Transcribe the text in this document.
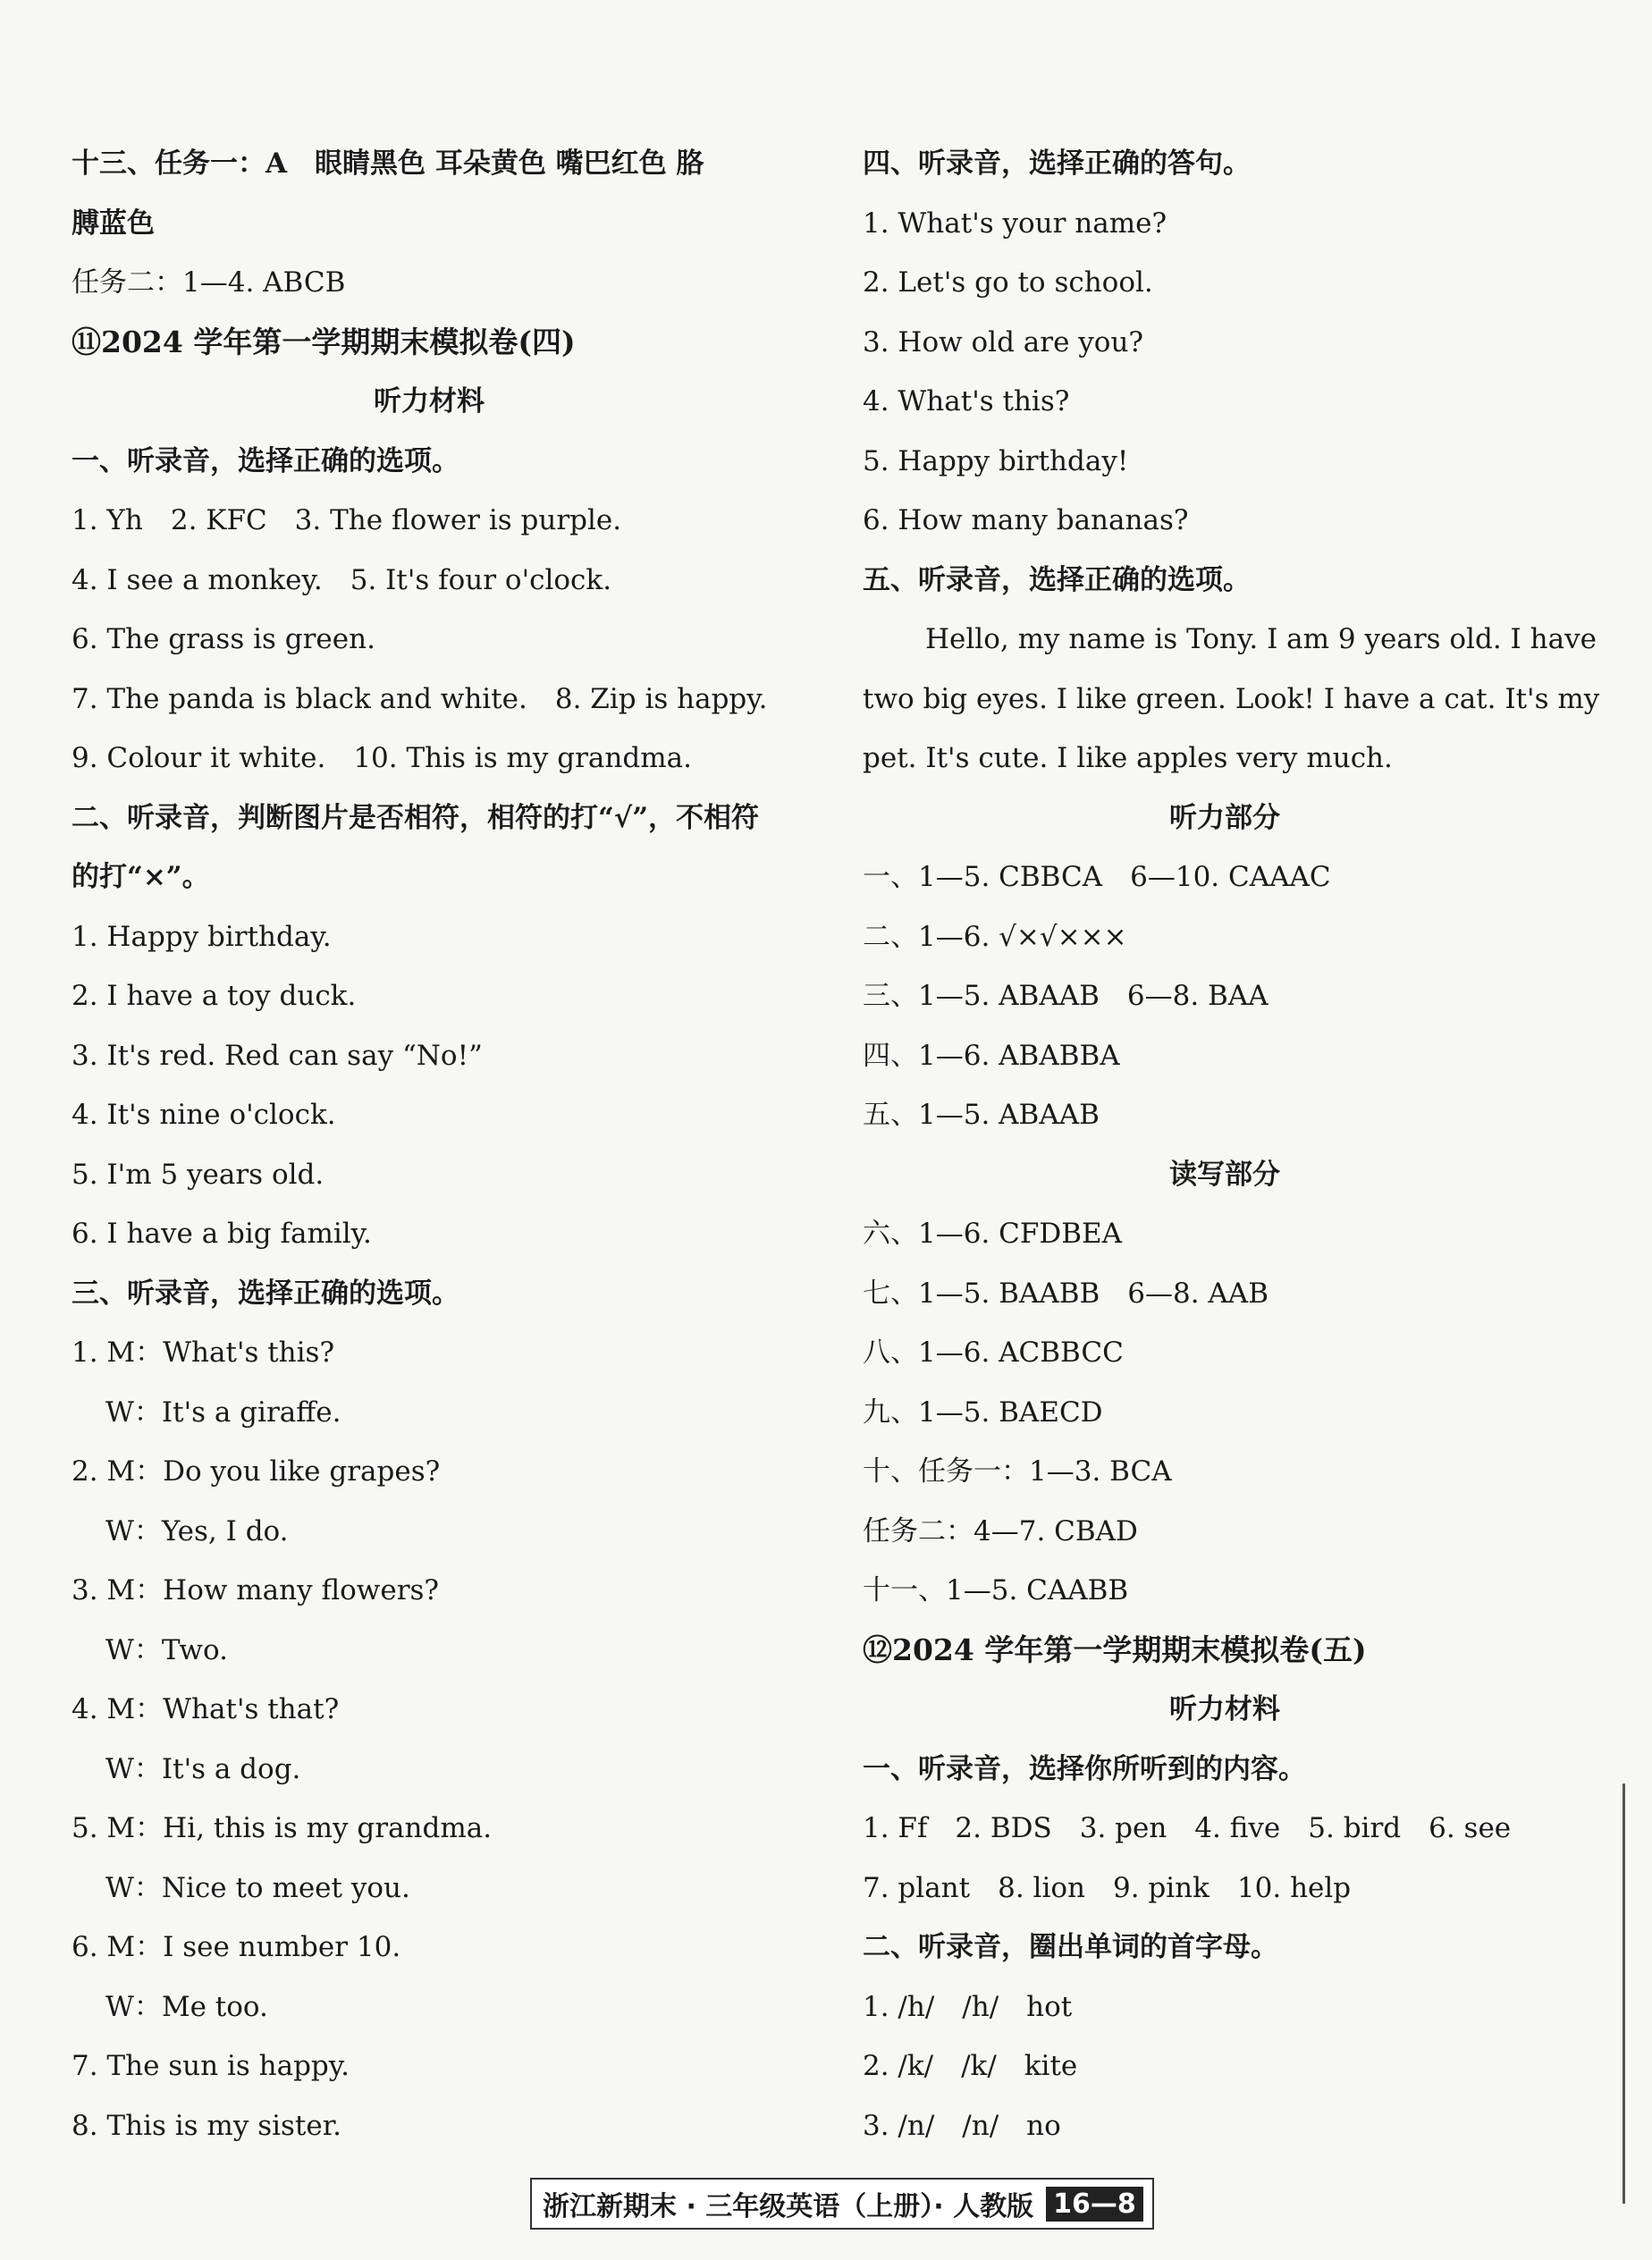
十三、任务一：A　眼睛黑色 耳朵黄色 嘴巴红色 胳
膊蓝色
任务二：1—4. ABCB
⑪2024 学年第一学期期末模拟卷(四)
听力材料
一、听录音，选择正确的选项。
1. Yh　2. KFC　3. The flower is purple.
4. I see a monkey.　5. It's four o'clock.
6. The grass is green.
7. The panda is black and white.　8. Zip is happy.
9. Colour it white.　10. This is my grandma.
二、听录音，判断图片是否相符，相符的打“√”，不相符
的打“×”。
1. Happy birthday.
2. I have a toy duck.
3. It's red. Red can say “No!”
4. It's nine o'clock.
5. I'm 5 years old.
6. I have a big family.
三、听录音，选择正确的选项。
1. M：What's this?
W：It's a giraffe.
2. M：Do you like grapes?
W：Yes, I do.
3. M：How many flowers?
W：Two.
4. M：What's that?
W：It's a dog.
5. M：Hi, this is my grandma.
W：Nice to meet you.
6. M：I see number 10.
W：Me too.
7. The sun is happy.
8. This is my sister.
四、听录音，选择正确的答句。
1. What's your name?
2. Let's go to school.
3. How old are you?
4. What's this?
5. Happy birthday!
6. How many bananas?
五、听录音，选择正确的选项。
Hello, my name is Tony. I am 9 years old. I have
two big eyes. I like green. Look! I have a cat. It's my
pet. It's cute. I like apples very much.
听力部分
一、1—5. CBBCA　6—10. CAAAC
二、1—6. √×√×××
三、1—5. ABAAB　6—8. BAA
四、1—6. ABABBA
五、1—5. ABAAB
读写部分
六、1—6. CFDBEA
七、1—5. BAABB　6—8. AAB
八、1—6. ACBBCC
九、1—5. BAECD
十、任务一：1—3. BCA
任务二：4—7. CBAD
十一、1—5. CAABB
⑫2024 学年第一学期期末模拟卷(五)
听力材料
一、听录音，选择你所听到的内容。
1. Ff　2. BDS　3. pen　4. five　5. bird　6. see
7. plant　8. lion　9. pink　10. help
二、听录音，圈出单词的首字母。
1. /h/　/h/　hot
2. /k/　/k/　kite
3. /n/　/n/　no
浙江新期末 · 三年级英语（上册）· 人教版 16—8
